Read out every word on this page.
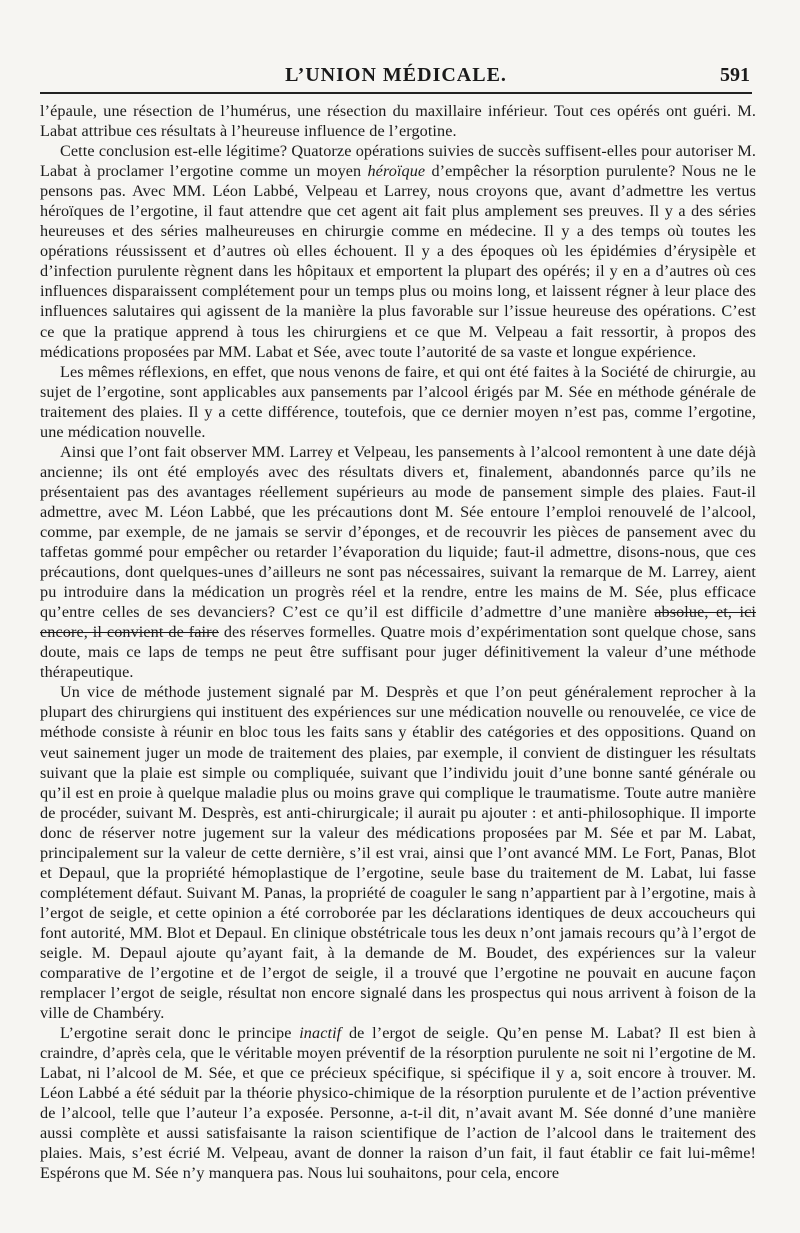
L’UNION MÉDICALE.	591

l’épaule, une résection de l’humérus, une résection du maxillaire inférieur. Tout ces opérés ont guéri. M. Labat attribue ces résultats à l’heureuse influence de l’ergotine.

Cette conclusion est-elle légitime? Quatorze opérations suivies de succès suffisent-elles pour autoriser M. Labat à proclamer l’ergotine comme un moyen héroïque d’empêcher la résorption purulente? Nous ne le pensons pas. Avec MM. Léon Labbé, Velpeau et Larrey, nous croyons que, avant d’admettre les vertus héroïques de l’ergotine, il faut attendre que cet agent ait fait plus amplement ses preuves. Il y a des séries heureuses et des séries malheureuses en chirurgie comme en médecine. Il y a des temps où toutes les opérations réussissent et d’autres où elles échouent. Il y a des époques où les épidémies d’érysipèle et d’infection purulente règnent dans les hôpitaux et emportent la plupart des opérés; il y en a d’autres où ces influences disparaissent complétement pour un temps plus ou moins long, et laissent régner à leur place des influences salutaires qui agissent de la manière la plus favorable sur l’issue heureuse des opérations. C’est ce que la pratique apprend à tous les chirurgiens et ce que M. Velpeau a fait ressortir, à propos des médications proposées par MM. Labat et Sée, avec toute l’autorité de sa vaste et longue expérience.

Les mêmes réflexions, en effet, que nous venons de faire, et qui ont été faites à la Société de chirurgie, au sujet de l’ergotine, sont applicables aux pansements par l’alcool érigés par M. Sée en méthode générale de traitement des plaies. Il y a cette différence, toutefois, que ce dernier moyen n’est pas, comme l’ergotine, une médication nouvelle.

Ainsi que l’ont fait observer MM. Larrey et Velpeau, les pansements à l’alcool remontent à une date déjà ancienne; ils ont été employés avec des résultats divers et, finalement, abandonnés parce qu’ils ne présentaient pas des avantages réellement supérieurs au mode de pansement simple des plaies. Faut-il admettre, avec M. Léon Labbé, que les précautions dont M. Sée entoure l’emploi renouvelé de l’alcool, comme, par exemple, de ne jamais se servir d’éponges, et de recouvrir les pièces de pansement avec du taffetas gommé pour empêcher ou retarder l’évaporation du liquide; faut-il admettre, disons-nous, que ces précautions, dont quelques-unes d’ailleurs ne sont pas nécessaires, suivant la remarque de M. Larrey, aient pu introduire dans la médication un progrès réel et la rendre, entre les mains de M. Sée, plus efficace qu’entre celles de ses devanciers? C’est ce qu’il est difficile d’admettre d’une manière absolue, et, ici encore, il convient de faire des réserves formelles. Quatre mois d’expérimentation sont quelque chose, sans doute, mais ce laps de temps ne peut être suffisant pour juger définitivement la valeur d’une méthode thérapeutique.

Un vice de méthode justement signalé par M. Desprès et que l’on peut généralement reprocher à la plupart des chirurgiens qui instituent des expériences sur une médication nouvelle ou renouvelée, ce vice de méthode consiste à réunir en bloc tous les faits sans y établir des catégories et des oppositions. Quand on veut sainement juger un mode de traitement des plaies, par exemple, il convient de distinguer les résultats suivant que la plaie est simple ou compliquée, suivant que l’individu jouit d’une bonne santé générale ou qu’il est en proie à quelque maladie plus ou moins grave qui complique le traumatisme. Toute autre manière de procéder, suivant M. Desprès, est anti-chirurgicale; il aurait pu ajouter : et anti-philosophique. Il importe donc de réserver notre jugement sur la valeur des médications proposées par M. Sée et par M. Labat, principalement sur la valeur de cette dernière, s’il est vrai, ainsi que l’ont avancé MM. Le Fort, Panas, Blot et Depaul, que la propriété hémoplastique de l’ergotine, seule base du traitement de M. Labat, lui fasse complétement défaut. Suivant M. Panas, la propriété de coaguler le sang n’appartient par à l’ergotine, mais à l’ergot de seigle, et cette opinion a été corroborée par les déclarations identiques de deux accoucheurs qui font autorité, MM. Blot et Depaul. En clinique obstétricale tous les deux n’ont jamais recours qu’à l’ergot de seigle. M. Depaul ajoute qu’ayant fait, à la demande de M. Boudet, des expériences sur la valeur comparative de l’ergotine et de l’ergot de seigle, il a trouvé que l’ergotine ne pouvait en aucune façon remplacer l’ergot de seigle, résultat non encore signalé dans les prospectus qui nous arrivent à foison de la ville de Chambéry.

L’ergotine serait donc le principe inactif de l’ergot de seigle. Qu’en pense M. Labat? Il est bien à craindre, d’après cela, que le véritable moyen préventif de la résorption purulente ne soit ni l’ergotine de M. Labat, ni l’alcool de M. Sée, et que ce précieux spécifique, si spécifique il y a, soit encore à trouver. M. Léon Labbé a été séduit par la théorie physico-chimique de la résorption purulente et de l’action préventive de l’alcool, telle que l’auteur l’a exposée. Personne, a-t-il dit, n’avait avant M. Sée donné d’une manière aussi complète et aussi satisfaisante la raison scientifique de l’action de l’alcool dans le traitement des plaies. Mais, s’est écrié M. Velpeau, avant de donner la raison d’un fait, il faut établir ce fait lui-même! Espérons que M. Sée n’y manquera pas. Nous lui souhaitons, pour cela, encore
